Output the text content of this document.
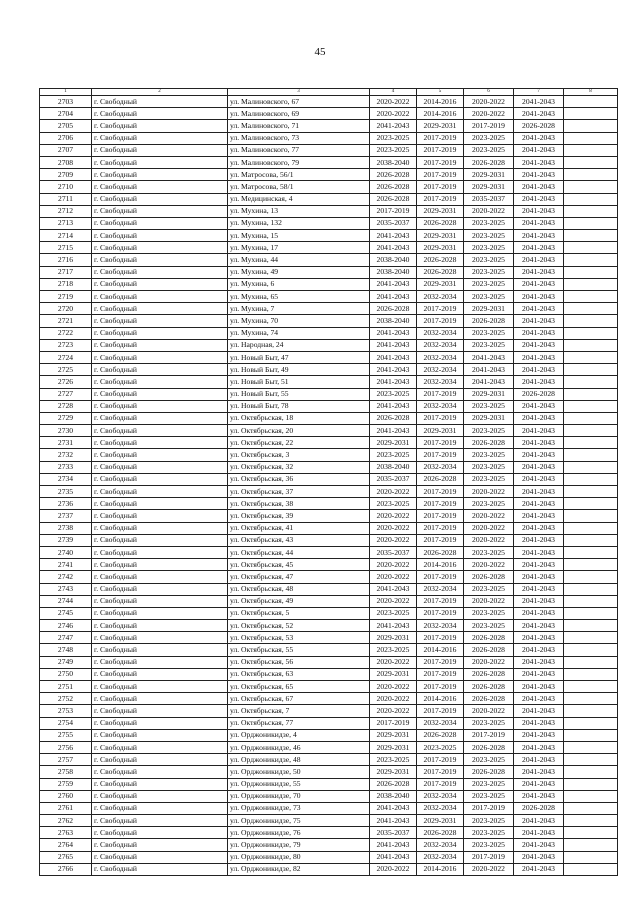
45
1	2	3	4	5	6	7	8
2703	г. Свободный	ул. Малиновского, 67	2020-2022	2014-2016	2020-2022	2041-2043	
2704	г. Свободный	ул. Малиновского, 69	2020-2022	2014-2016	2020-2022	2041-2043	
2705	г. Свободный	ул. Малиновского, 71	2041-2043	2029-2031	2017-2019	2026-2028	
2706	г. Свободный	ул. Малиновского, 73	2023-2025	2017-2019	2023-2025	2041-2043	
2707	г. Свободный	ул. Малиновского, 77	2023-2025	2017-2019	2023-2025	2041-2043	
2708	г. Свободный	ул. Малиновского, 79	2038-2040	2017-2019	2026-2028	2041-2043	
2709	г. Свободный	ул. Матросова, 56/1	2026-2028	2017-2019	2029-2031	2041-2043	
2710	г. Свободный	ул. Матросова, 58/1	2026-2028	2017-2019	2029-2031	2041-2043	
2711	г. Свободный	ул. Медицинская, 4	2026-2028	2017-2019	2035-2037	2041-2043	
2712	г. Свободный	ул. Мухина, 13	2017-2019	2029-2031	2020-2022	2041-2043	
2713	г. Свободный	ул. Мухина, 132	2035-2037	2026-2028	2023-2025	2041-2043	
2714	г. Свободный	ул. Мухина, 15	2041-2043	2029-2031	2023-2025	2041-2043	
2715	г. Свободный	ул. Мухина, 17	2041-2043	2029-2031	2023-2025	2041-2043	
2716	г. Свободный	ул. Мухина, 44	2038-2040	2026-2028	2023-2025	2041-2043	
2717	г. Свободный	ул. Мухина, 49	2038-2040	2026-2028	2023-2025	2041-2043	
2718	г. Свободный	ул. Мухина, 6	2041-2043	2029-2031	2023-2025	2041-2043	
2719	г. Свободный	ул. Мухина, 65	2041-2043	2032-2034	2023-2025	2041-2043	
2720	г. Свободный	ул. Мухина, 7	2026-2028	2017-2019	2029-2031	2041-2043	
2721	г. Свободный	ул. Мухина, 70	2038-2040	2017-2019	2026-2028	2041-2043	
2722	г. Свободный	ул. Мухина, 74	2041-2043	2032-2034	2023-2025	2041-2043	
2723	г. Свободный	ул. Народная, 24	2041-2043	2032-2034	2023-2025	2041-2043	
2724	г. Свободный	ул. Новый Быт, 47	2041-2043	2032-2034	2041-2043	2041-2043	
2725	г. Свободный	ул. Новый Быт, 49	2041-2043	2032-2034	2041-2043	2041-2043	
2726	г. Свободный	ул. Новый Быт, 51	2041-2043	2032-2034	2041-2043	2041-2043	
2727	г. Свободный	ул. Новый Быт, 55	2023-2025	2017-2019	2029-2031	2026-2028	
2728	г. Свободный	ул. Новый Быт, 78	2041-2043	2032-2034	2023-2025	2041-2043	
2729	г. Свободный	ул. Октябрьская, 18	2026-2028	2017-2019	2029-2031	2041-2043	
2730	г. Свободный	ул. Октябрьская, 20	2041-2043	2029-2031	2023-2025	2041-2043	
2731	г. Свободный	ул. Октябрьская, 22	2029-2031	2017-2019	2026-2028	2041-2043	
2732	г. Свободный	ул. Октябрьская, 3	2023-2025	2017-2019	2023-2025	2041-2043	
2733	г. Свободный	ул. Октябрьская, 32	2038-2040	2032-2034	2023-2025	2041-2043	
2734	г. Свободный	ул. Октябрьская, 36	2035-2037	2026-2028	2023-2025	2041-2043	
2735	г. Свободный	ул. Октябрьская, 37	2020-2022	2017-2019	2020-2022	2041-2043	
2736	г. Свободный	ул. Октябрьская, 38	2023-2025	2017-2019	2023-2025	2041-2043	
2737	г. Свободный	ул. Октябрьская, 39	2020-2022	2017-2019	2020-2022	2041-2043	
2738	г. Свободный	ул. Октябрьская, 41	2020-2022	2017-2019	2020-2022	2041-2043	
2739	г. Свободный	ул. Октябрьская, 43	2020-2022	2017-2019	2020-2022	2041-2043	
2740	г. Свободный	ул. Октябрьская, 44	2035-2037	2026-2028	2023-2025	2041-2043	
2741	г. Свободный	ул. Октябрьская, 45	2020-2022	2014-2016	2020-2022	2041-2043	
2742	г. Свободный	ул. Октябрьская, 47	2020-2022	2017-2019	2026-2028	2041-2043	
2743	г. Свободный	ул. Октябрьская, 48	2041-2043	2032-2034	2023-2025	2041-2043	
2744	г. Свободный	ул. Октябрьская, 49	2020-2022	2017-2019	2020-2022	2041-2043	
2745	г. Свободный	ул. Октябрьская, 5	2023-2025	2017-2019	2023-2025	2041-2043	
2746	г. Свободный	ул. Октябрьская, 52	2041-2043	2032-2034	2023-2025	2041-2043	
2747	г. Свободный	ул. Октябрьская, 53	2029-2031	2017-2019	2026-2028	2041-2043	
2748	г. Свободный	ул. Октябрьская, 55	2023-2025	2014-2016	2026-2028	2041-2043	
2749	г. Свободный	ул. Октябрьская, 56	2020-2022	2017-2019	2020-2022	2041-2043	
2750	г. Свободный	ул. Октябрьская, 63	2029-2031	2017-2019	2026-2028	2041-2043	
2751	г. Свободный	ул. Октябрьская, 65	2020-2022	2017-2019	2026-2028	2041-2043	
2752	г. Свободный	ул. Октябрьская, 67	2020-2022	2014-2016	2026-2028	2041-2043	
2753	г. Свободный	ул. Октябрьская, 7	2020-2022	2017-2019	2020-2022	2041-2043	
2754	г. Свободный	ул. Октябрьская, 77	2017-2019	2032-2034	2023-2025	2041-2043	
2755	г. Свободный	ул. Орджоникидзе, 4	2029-2031	2026-2028	2017-2019	2041-2043	
2756	г. Свободный	ул. Орджоникидзе, 46	2029-2031	2023-2025	2026-2028	2041-2043	
2757	г. Свободный	ул. Орджоникидзе, 48	2023-2025	2017-2019	2023-2025	2041-2043	
2758	г. Свободный	ул. Орджоникидзе, 50	2029-2031	2017-2019	2026-2028	2041-2043	
2759	г. Свободный	ул. Орджоникидзе, 55	2026-2028	2017-2019	2023-2025	2041-2043	
2760	г. Свободный	ул. Орджоникидзе, 70	2038-2040	2032-2034	2023-2025	2041-2043	
2761	г. Свободный	ул. Орджоникидзе, 73	2041-2043	2032-2034	2017-2019	2026-2028	
2762	г. Свободный	ул. Орджоникидзе, 75	2041-2043	2029-2031	2023-2025	2041-2043	
2763	г. Свободный	ул. Орджоникидзе, 76	2035-2037	2026-2028	2023-2025	2041-2043	
2764	г. Свободный	ул. Орджоникидзе, 79	2041-2043	2032-2034	2023-2025	2041-2043	
2765	г. Свободный	ул. Орджоникидзе, 80	2041-2043	2032-2034	2017-2019	2041-2043	
2766	г. Свободный	ул. Орджоникидзе, 82	2020-2022	2014-2016	2020-2022	2041-2043	
